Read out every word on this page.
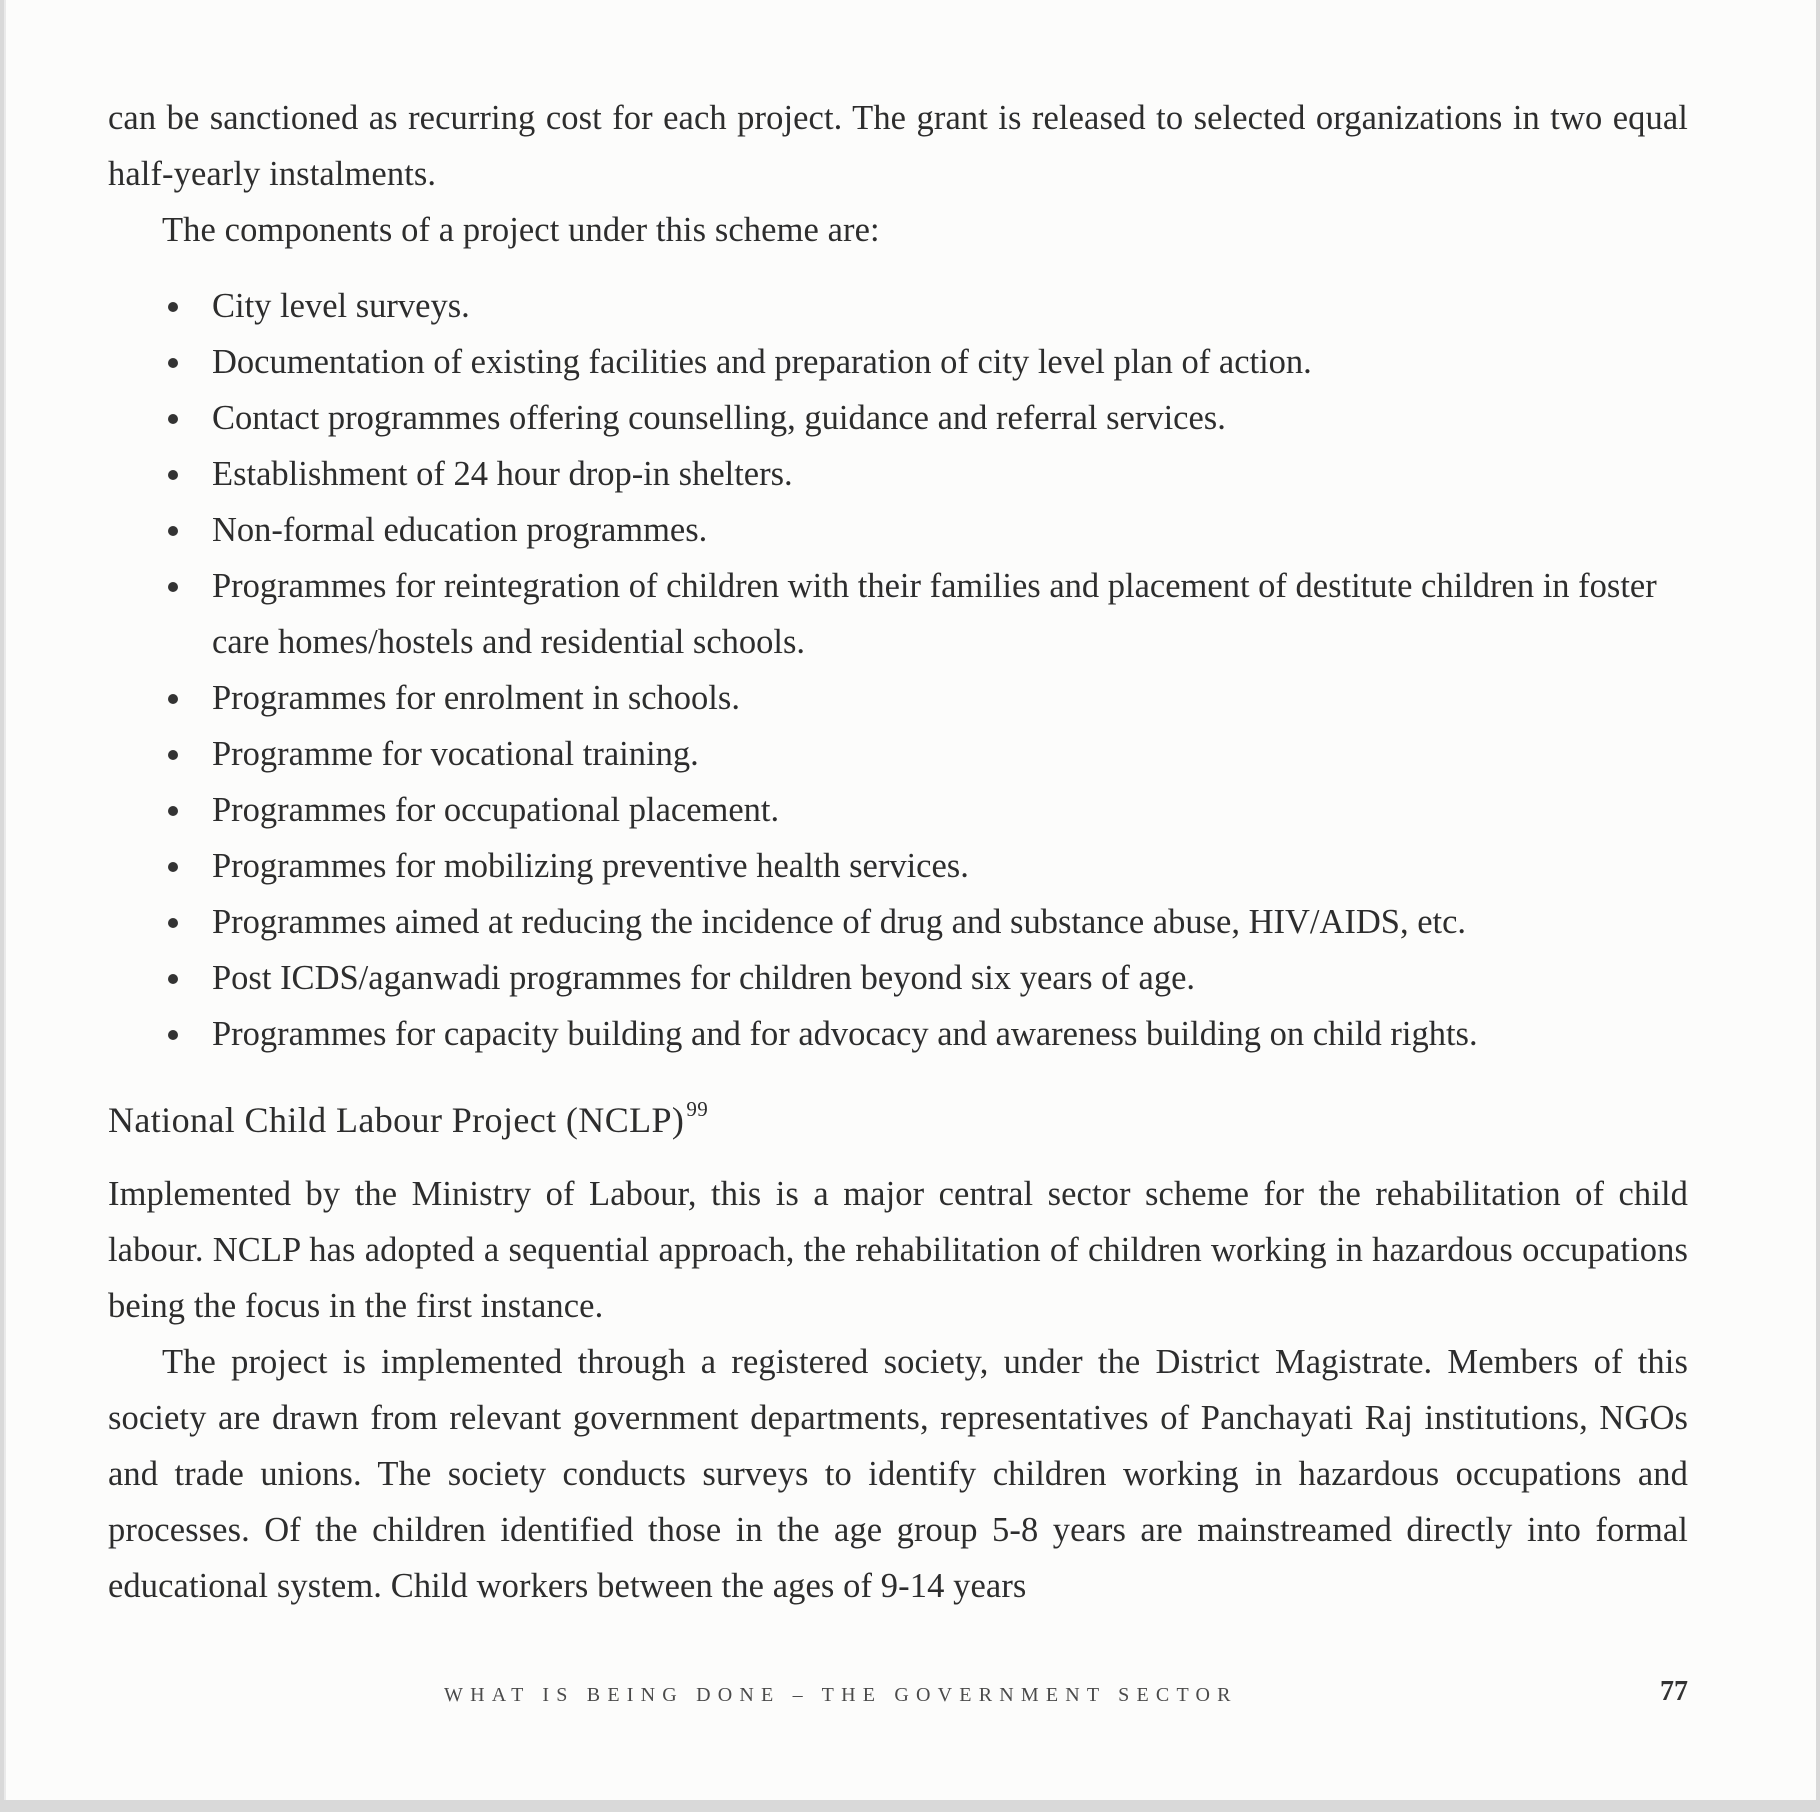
can be sanctioned as recurring cost for each project. The grant is released to selected organizations in two equal half-yearly instalments.

The components of a project under this scheme are:

City level surveys.
Documentation of existing facilities and preparation of city level plan of action.
Contact programmes offering counselling, guidance and referral services.
Establishment of 24 hour drop-in shelters.
Non-formal education programmes.
Programmes for reintegration of children with their families and placement of destitute children in foster care homes/hostels and residential schools.
Programmes for enrolment in schools.
Programme for vocational training.
Programmes for occupational placement.
Programmes for mobilizing preventive health services.
Programmes aimed at reducing the incidence of drug and substance abuse, HIV/AIDS, etc.
Post ICDS/aganwadi programmes for children beyond six years of age.
Programmes for capacity building and for advocacy and awareness building on child rights.
National Child Labour Project (NCLP)$^{99}$

Implemented by the Ministry of Labour, this is a major central sector scheme for the rehabilitation of child labour. NCLP has adopted a sequential approach, the rehabilitation of children working in hazardous occupations being the focus in the first instance.

The project is implemented through a registered society, under the District Magistrate. Members of this society are drawn from relevant government departments, representatives of Panchayati Raj institutions, NGOs and trade unions. The society conducts surveys to identify children working in hazardous occupations and processes. Of the children identified those in the age group 5-8 years are mainstreamed directly into formal educational system. Child workers between the ages of 9-14 years

WHAT IS BEING DONE – THE GOVERNMENT SECTOR	77
